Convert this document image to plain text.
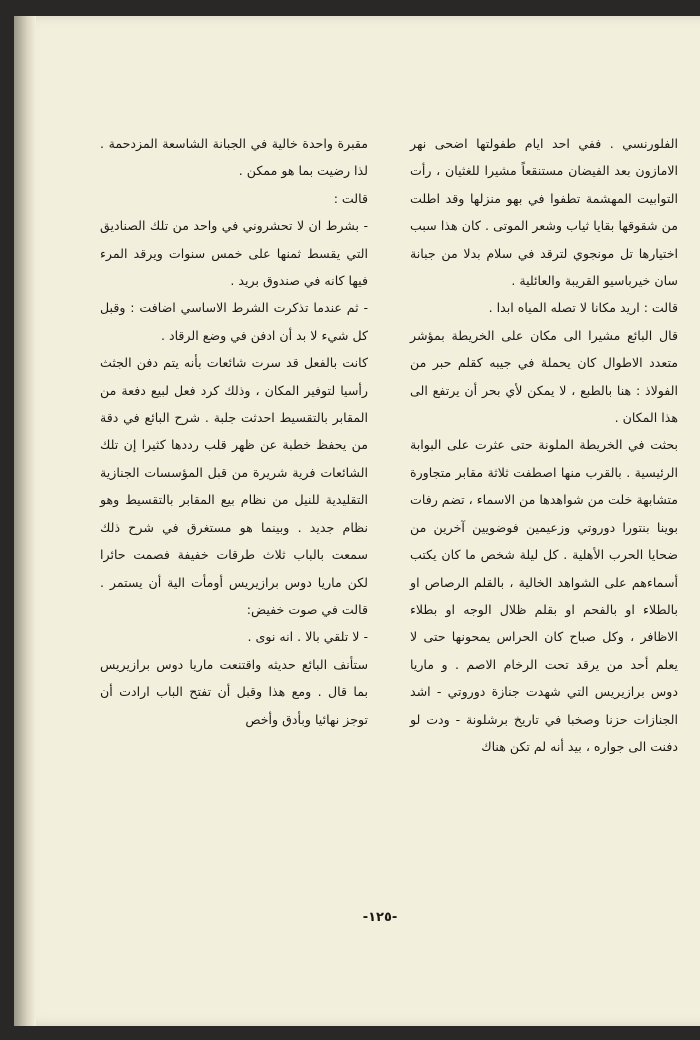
الفلورنسي . ففي احد ايام طفولتها اضحى نهر الامازون بعد الفيضان مستنقعاً مشيرا للغثيان ، رأت التوابيت المهشمة تطفوا في بهو منزلها وقد اطلت من شقوقها بقايا ثياب وشعر الموتى . كان هذا سبب اختيارها تل مونجوي لترقد في سلام بدلا من جبانة سان خيرباسيو القريبة والعائلية .

قالت : اريد مكانا لا تصله المياه ابدا .

قال البائع مشيرا الى مكان على الخريطة بمؤشر متعدد الاطوال كان يحملة في جيبه كقلم حبر من الفولاذ : هنا بالطبع ، لا يمكن لأي بحر أن يرتفع الى هذا المكان .

بحثت في الخريطة الملونة حتى عثرت على البوابة الرئيسية . بالقرب منها اصطفت ثلاثة مقابر متجاورة متشابهة خلت من شواهدها من الاسماء ، تضم رفات بوينا بنتورا دوروتي وزعيمين فوضويين آخرين من ضحايا الحرب الأهلية . كل ليلة شخص ما كان يكتب أسماءهم على الشواهد الخالية ، بالقلم الرصاص او بالطلاء او بالفحم او بقلم ظلال الوجه او بطلاء الاظافر ، وكل صباح كان الحراس يمحونها حتى لا يعلم أحد من يرقد تحت الرخام الاصم . و ماريا دوس برازيريس التي شهدت جنازة دوروتي - اشد الجنازات حزنا وصخبا في تاريخ برشلونة - ودت لو دفنت الى جواره ، بيد أنه لم تكن هناك

مقبرة واحدة خالية في الجبانة الشاسعة المزدحمة . لذا رضيت بما هو ممكن .

قالت :

- بشرط ان لا تحشروني في واحد من تلك الصناديق التي يقسط ثمنها على خمس سنوات ويرقد المرء فيها كانه في صندوق بريد .

- ثم عندما تذكرت الشرط الاساسي اضافت : وقبل كل شيء لا بد أن ادفن في وضع الرقاد .

كانت بالفعل قد سرت شائعات بأنه يتم دفن الجثث رأسيا لتوفير المكان ، وذلك كرد فعل لبيع دفعة من المقابر بالتقسيط احدثت جلبة . شرح البائع في دقة من يحفظ خطبة عن ظهر قلب رددها كثيرا إن تلك الشائعات فرية شريرة من قبل المؤسسات الجنازية التقليدية للنيل من نظام بيع المقابر بالتقسيط وهو نظام جديد . وبينما هو مستغرق في شرح ذلك سمعت بالباب ثلاث طرقات خفيفة فصمت حائرا لكن ماريا دوس برازيريس أومأت الية أن يستمر . قالت في صوت خفيض:

- لا تلقي بالا . انه نوى .

ستأنف البائع حديثه واقتنعت ماريا دوس برازيريس بما قال . ومع هذا وقبل أن تفتح الباب ارادت أن توجز نهائيا وبأدق وأخص

-١٢٥-
